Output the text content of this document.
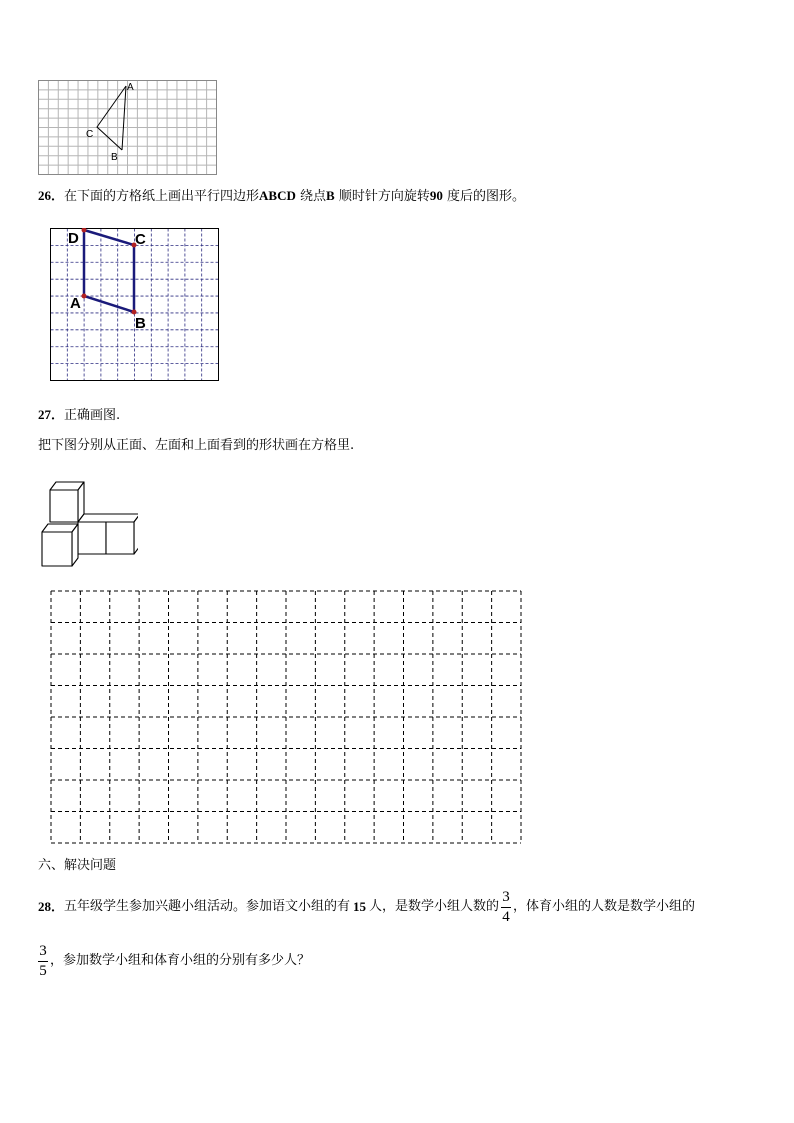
A
C
B
26．在下面的方格纸上画出平行四边形ABCD 绕点B 顺时针方向旋转90 度后的图形。
D	C
A
B
27．正确画图.
把下图分别从正面、左面和上面看到的形状画在方格里.
六、解决问题
28． 五年级学生参加兴趣小组活动。参加语文小组的有 15 人，是数学小组人数的 $\frac{3}{4}$ ，体育小组的人数是数学小组的
$\frac{3}{5}$ ，参加数学小组和体育小组的分别有多少人？
